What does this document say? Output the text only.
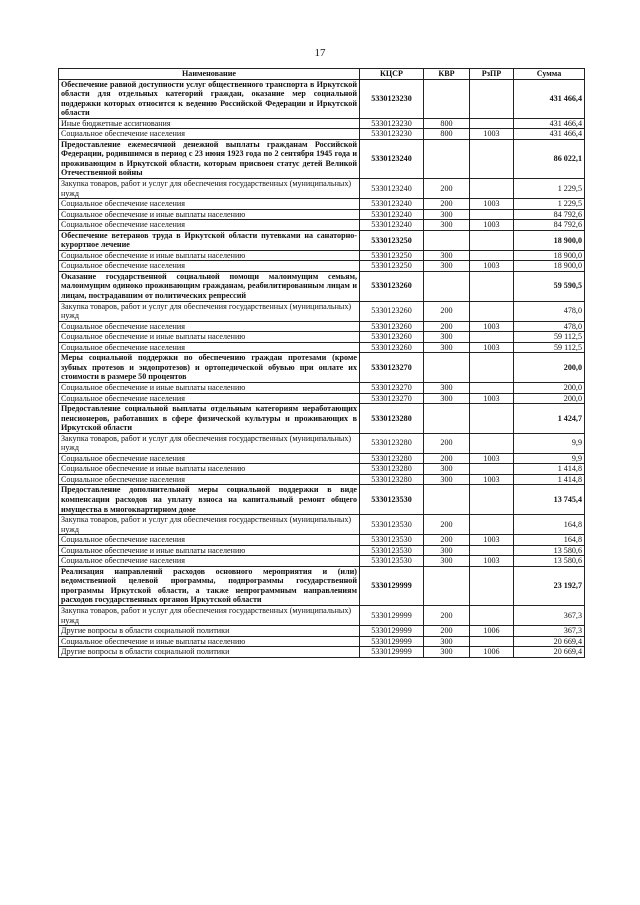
17
Наименование	КЦСР	КВР	РзПР	Сумма
Обеспечение равной доступности услуг общественного транспорта в Иркутской области для отдельных категорий граждан, оказание мер социальной поддержки которых относится к ведению Российской Федерации и Иркутской области	5330123230			431 466,4
Иные бюджетные ассигнования	5330123230	800		431 466,4
Социальное обеспечение населения	5330123230	800	1003	431 466,4
Предоставление ежемесячной денежной выплаты гражданам Российской Федерации, родившимся в период с 23 июня 1923 года по 2 сентября 1945 года и проживающим в Иркутской области, которым присвоен статус детей Великой Отечественной войны	5330123240			86 022,1
Закупка товаров, работ и услуг для обеспечения государственных (муниципальных) нужд	5330123240	200		1 229,5
Социальное обеспечение населения	5330123240	200	1003	1 229,5
Социальное обеспечение и иные выплаты населению	5330123240	300		84 792,6
Социальное обеспечение населения	5330123240	300	1003	84 792,6
Обеспечение ветеранов труда в Иркутской области путевками на санаторно-курортное лечение	5330123250			18 900,0
Социальное обеспечение и иные выплаты населению	5330123250	300		18 900,0
Социальное обеспечение населения	5330123250	300	1003	18 900,0
Оказание государственной социальной помощи малоимущим семьям, малоимущим одиноко проживающим гражданам, реабилитированным лицам и лицам, пострадавшим от политических репрессий	5330123260			59 590,5
Закупка товаров, работ и услуг для обеспечения государственных (муниципальных) нужд	5330123260	200		478,0
Социальное обеспечение населения	5330123260	200	1003	478,0
Социальное обеспечение и иные выплаты населению	5330123260	300		59 112,5
Социальное обеспечение населения	5330123260	300	1003	59 112,5
Меры социальной поддержки по обеспечению граждан протезами (кроме зубных протезов и эндопротезов) и ортопедической обувью при оплате их стоимости в размере 50 процентов	5330123270			200,0
Социальное обеспечение и иные выплаты населению	5330123270	300		200,0
Социальное обеспечение населения	5330123270	300	1003	200,0
Предоставление социальной выплаты отдельным категориям неработающих пенсионеров, работавших в сфере физической культуры и проживающих в Иркутской области	5330123280			1 424,7
Закупка товаров, работ и услуг для обеспечения государственных (муниципальных) нужд	5330123280	200		9,9
Социальное обеспечение населения	5330123280	200	1003	9,9
Социальное обеспечение и иные выплаты населению	5330123280	300		1 414,8
Социальное обеспечение населения	5330123280	300	1003	1 414,8
Предоставление дополнительной меры социальной поддержки в виде компенсации расходов на уплату взноса на капитальный ремонт общего имущества в многоквартирном доме	5330123530			13 745,4
Закупка товаров, работ и услуг для обеспечения государственных (муниципальных) нужд	5330123530	200		164,8
Социальное обеспечение населения	5330123530	200	1003	164,8
Социальное обеспечение и иные выплаты населению	5330123530	300		13 580,6
Социальное обеспечение населения	5330123530	300	1003	13 580,6
Реализация направлений расходов основного мероприятия и (или) ведомственной целевой программы, подпрограммы государственной программы Иркутской области, а также непрограммным направлениям расходов государственных органов Иркутской области	5330129999			23 192,7
Закупка товаров, работ и услуг для обеспечения государственных (муниципальных) нужд	5330129999	200		367,3
Другие вопросы в области социальной политики	5330129999	200	1006	367,3
Социальное обеспечение и иные выплаты населению	5330129999	300		20 669,4
Другие вопросы в области социальной политики	5330129999	300	1006	20 669,4
